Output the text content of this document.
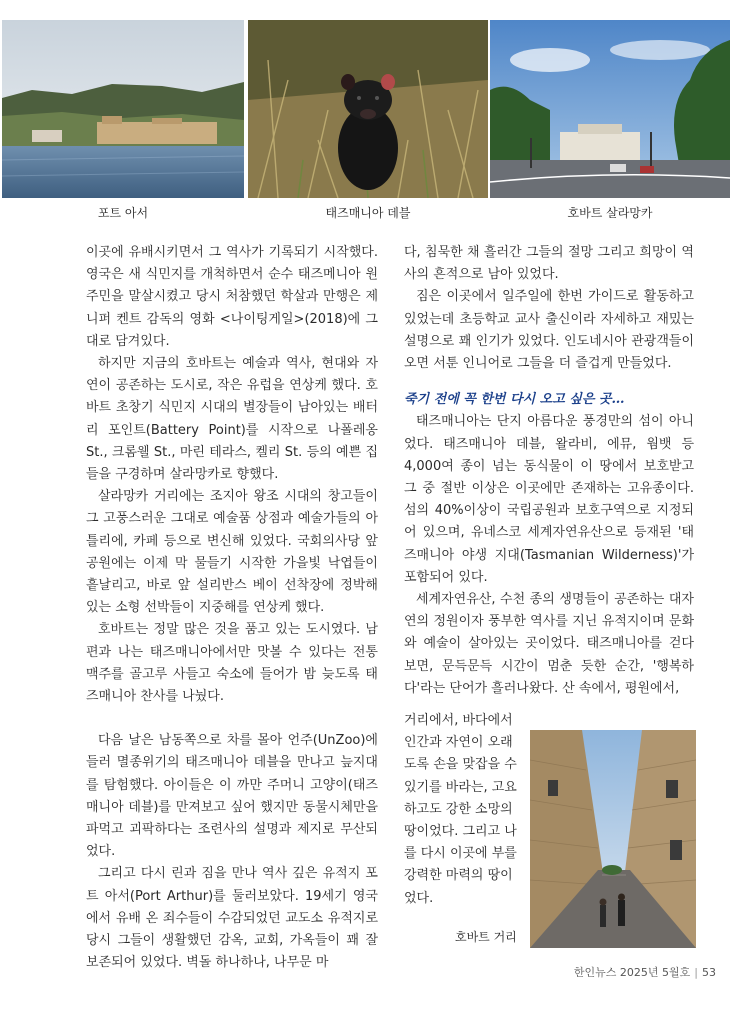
포트 아서	태즈매니아 데블	호바트 살라망카

이곳에 유배시키면서 그 역사가 기록되기 시작했다. 영국은 새 식민지를 개척하면서 순수 태즈메니아 원주민을 말살시켰고 당시 처참했던 학살과 만행은 제니퍼 켄트 감독의 영화 <나이팅게일>(2018)에 그대로 담겨있다.

하지만 지금의 호바트는 예술과 역사, 현대와 자연이 공존하는 도시로, 작은 유럽을 연상케 했다. 호바트 초창기 식민지 시대의 별장들이 남아있는 배터리 포인트(Battery Point)를 시작으로 나폴레옹 St., 크롬웰 St., 마린 테라스, 켈리 St. 등의 예쁜 집들을 구경하며 살라망카로 향했다.

살라망카 거리에는 조지아 왕조 시대의 창고들이 그 고풍스러운 그대로 예술품 상점과 예술가들의 아틀리에, 카페 등으로 변신해 있었다. 국회의사당 앞 공원에는 이제 막 물들기 시작한 가을빛 낙엽들이 흩날리고, 바로 앞 설리반스 베이 선착장에 정박해 있는 소형 선박들이 지중해를 연상케 했다.

호바트는 정말 많은 것을 품고 있는 도시였다. 남편과 나는 태즈매니아에서만 맛볼 수 있다는 전통 맥주를 골고루 사들고 숙소에 들어가 밤 늦도록 태즈매니아 찬사를 나눴다.

다음 날은 남동쪽으로 차를 몰아 언주(UnZoo)에 들러 멸종위기의 태즈매니아 데블을 만나고 늪지대를 탐험했다. 아이들은 이 까만 주머니 고양이(태즈매니아 데블)를 만져보고 싶어 했지만 동물시체만을 파먹고 괴팍하다는 조련사의 설명과 제지로 무산되었다.

그리고 다시 린과 짐을 만나 역사 깊은 유적지 포트 아서(Port Arthur)를 둘러보았다. 19세기 영국에서 유배 온 죄수들이 수감되었던 교도소 유적지로 당시 그들이 생활했던 감옥, 교회, 가옥들이 꽤 잘 보존되어 있었다. 벽돌 하나하나, 나무문 마

다, 침묵한 채 흘러간 그들의 절망 그리고 희망이 역사의 흔적으로 남아 있었다.

짐은 이곳에서 일주일에 한번 가이드로 활동하고 있었는데 초등학교 교사 출신이라 자세하고 재밌는 설명으로 꽤 인기가 있었다. 인도네시아 관광객들이 오면 서툰 인니어로 그들을 더 즐겁게 만들었다.

죽기 전에 꼭 한번 다시 오고 싶은 곳…

태즈매니아는 단지 아름다운 풍경만의 섬이 아니었다. 태즈매니아 데블, 왈라비, 에뮤, 웜뱃 등 4,000여 종이 넘는 동식물이 이 땅에서 보호받고 그 중 절반 이상은 이곳에만 존재하는 고유종이다. 섬의 40%이상이 국립공원과 보호구역으로 지정되어 있으며, 유네스코 세계자연유산으로 등재된 '태즈매니아 야생 지대(Tasmanian Wilderness)'가 포함되어 있다.

세계자연유산, 수천 종의 생명들이 공존하는 대자연의 정원이자 풍부한 역사를 지닌 유적지이며 문화와 예술이 살아있는 곳이었다. 태즈매니아를 걷다 보면, 문득문득 시간이 멈춘 듯한 순간, '행복하다'라는 단어가 흘러나왔다. 산 속에서, 평원에서,

거리에서, 바다에서
인간과 자연이 오래
도록 손을 맞잡을 수
있기를 바라는, 고요
하고도 강한 소망의
땅이었다. 그리고 나
를 다시 이곳에 부를
강력한 마력의 땅이
었다.
호바트 거리
한인뉴스 2025년 5월호 | 53
